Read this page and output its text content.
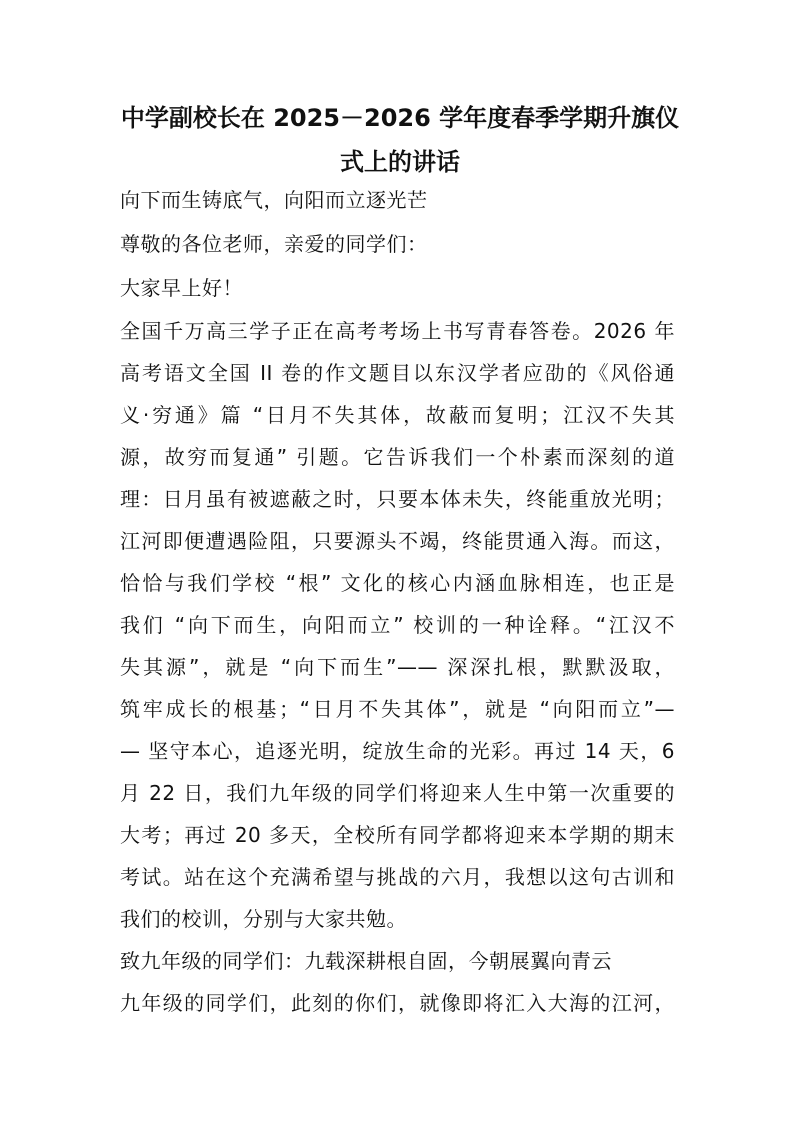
中学副校长在 2025－2026 学年度春季学期升旗仪
式上的讲话
向下而生铸底气，向阳而立逐光芒
尊敬的各位老师，亲爱的同学们：
大家早上好！
全国千万高三学子正在高考考场上书写青春答卷。2026 年
高考语文全国 II 卷的作文题目以东汉学者应劭的《风俗通
义·穷通》篇 “日月不失其体，故蔽而复明；江汉不失其
源，故穷而复通” 引题。它告诉我们一个朴素而深刻的道
理：日月虽有被遮蔽之时，只要本体未失，终能重放光明；
江河即便遭遇险阻，只要源头不竭，终能贯通入海。而这，
恰恰与我们学校 “根” 文化的核心内涵血脉相连，也正是
我们 “向下而生，向阳而立” 校训的一种诠释。“江汉不
失其源”，就是 “向下而生”—— 深深扎根，默默汲取，
筑牢成长的根基；“日月不失其体”，就是 “向阳而立”—
— 坚守本心，追逐光明，绽放生命的光彩。再过 14 天，6
月 22 日，我们九年级的同学们将迎来人生中第一次重要的
大考；再过 20 多天，全校所有同学都将迎来本学期的期末
考试。站在这个充满希望与挑战的六月，我想以这句古训和
我们的校训，分别与大家共勉。
致九年级的同学们：九载深耕根自固，今朝展翼向青云
九年级的同学们，此刻的你们，就像即将汇入大海的江河，
